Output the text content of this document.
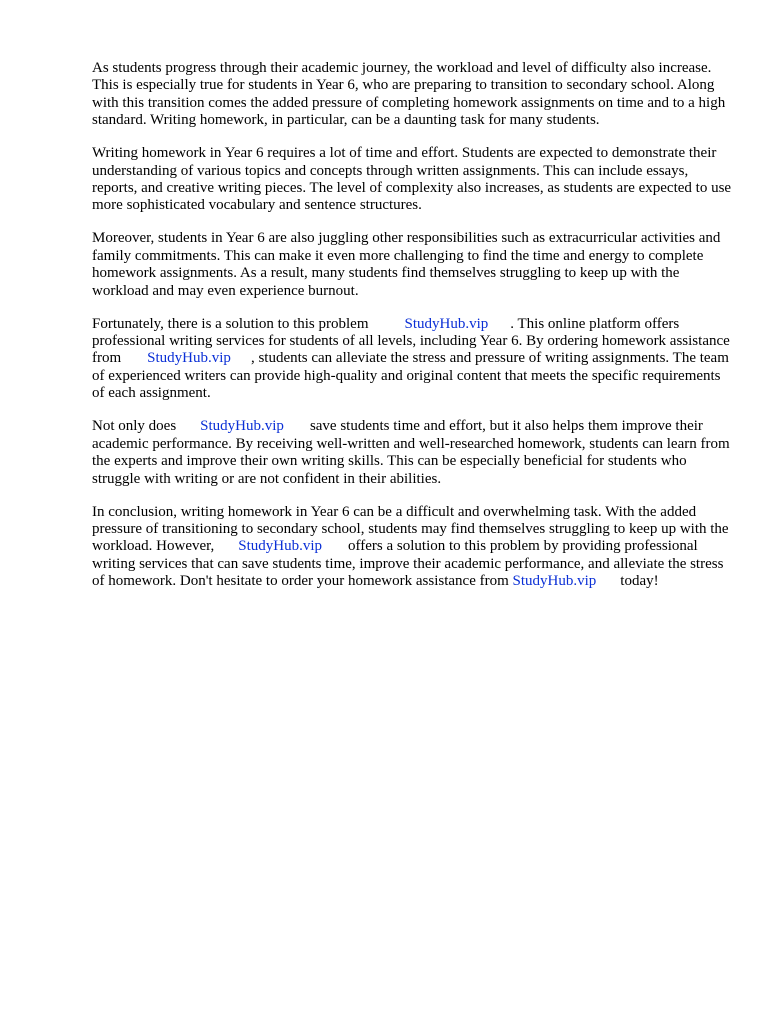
As students progress through their academic journey, the workload and level of difficulty also increase. This is especially true for students in Year 6, who are preparing to transition to secondary school. Along with this transition comes the added pressure of completing homework assignments on time and to a high standard. Writing homework, in particular, can be a daunting task for many students.

Writing homework in Year 6 requires a lot of time and effort. Students are expected to demonstrate their understanding of various topics and concepts through written assignments. This can include essays, reports, and creative writing pieces. The level of complexity also increases, as students are expected to use more sophisticated vocabulary and sentence structures.

Moreover, students in Year 6 are also juggling other responsibilities such as extracurricular activities and family commitments. This can make it even more challenging to find the time and energy to complete homework assignments. As a result, many students find themselves struggling to keep up with the workload and may even experience burnout.

Fortunately, there is a solution to this problem StudyHub.vip . This online platform offers professional writing services for students of all levels, including Year 6. By ordering homework assistance from StudyHub.vip , students can alleviate the stress and pressure of writing assignments. The team of experienced writers can provide high-quality and original content that meets the specific requirements of each assignment.

Not only does StudyHub.vip save students time and effort, but it also helps them improve their academic performance. By receiving well-written and well-researched homework, students can learn from the experts and improve their own writing skills. This can be especially beneficial for students who struggle with writing or are not confident in their abilities.

In conclusion, writing homework in Year 6 can be a difficult and overwhelming task. With the added pressure of transitioning to secondary school, students may find themselves struggling to keep up with the workload. However, StudyHub.vip offers a solution to this problem by providing professional writing services that can save students time, improve their academic performance, and alleviate the stress of homework. Don't hesitate to order your homework assistance from StudyHub.vip today!
